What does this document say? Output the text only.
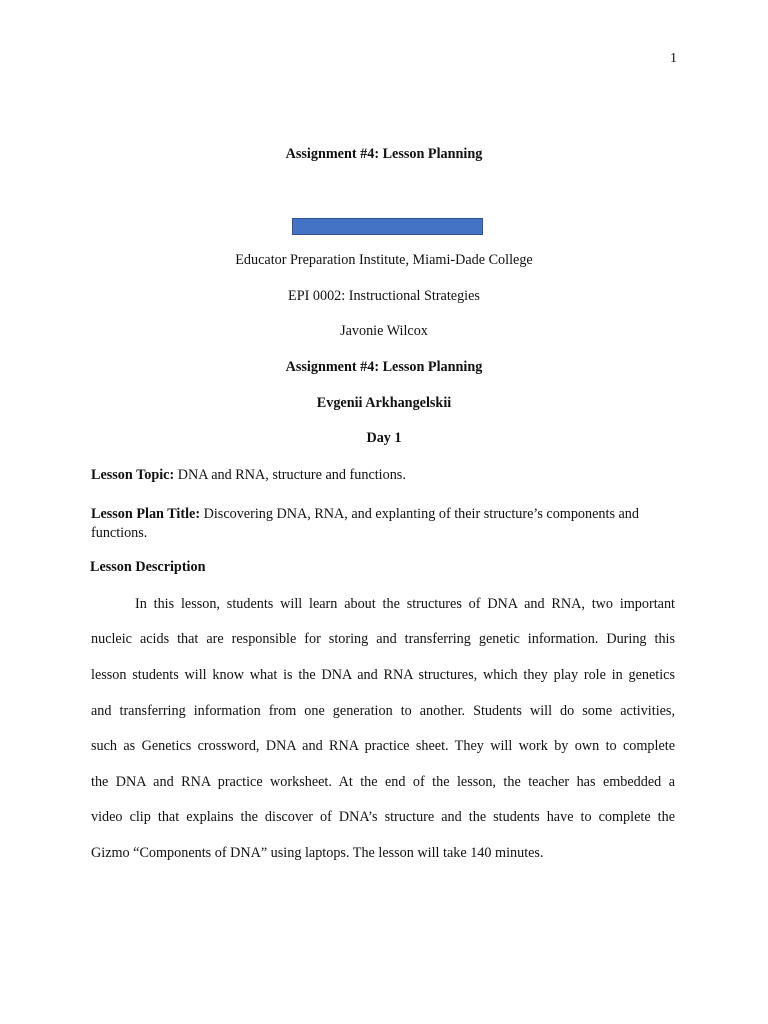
1
Assignment #4: Lesson Planning
Educator Preparation Institute, Miami-Dade College
EPI 0002: Instructional Strategies
Javonie Wilcox
Assignment #4: Lesson Planning
Evgenii Arkhangelskii
Day 1
Lesson Topic: DNA and RNA, structure and functions.
Lesson Plan Title: Discovering DNA, RNA, and explanting of their structure’s components and functions.
Lesson Description
In this lesson, students will learn about the structures of DNA and RNA, two important
nucleic acids that are responsible for storing and transferring genetic information. During this
lesson students will know what is the DNA and RNA structures, which they play role in genetics
and transferring information from one generation to another. Students will do some activities,
such as Genetics crossword, DNA and RNA practice sheet. They will work by own to complete
the DNA and RNA practice worksheet. At the end of the lesson, the teacher has embedded a
video clip that explains the discover of DNA’s structure and the students have to complete the
Gizmo “Components of DNA” using laptops. The lesson will take 140 minutes.
